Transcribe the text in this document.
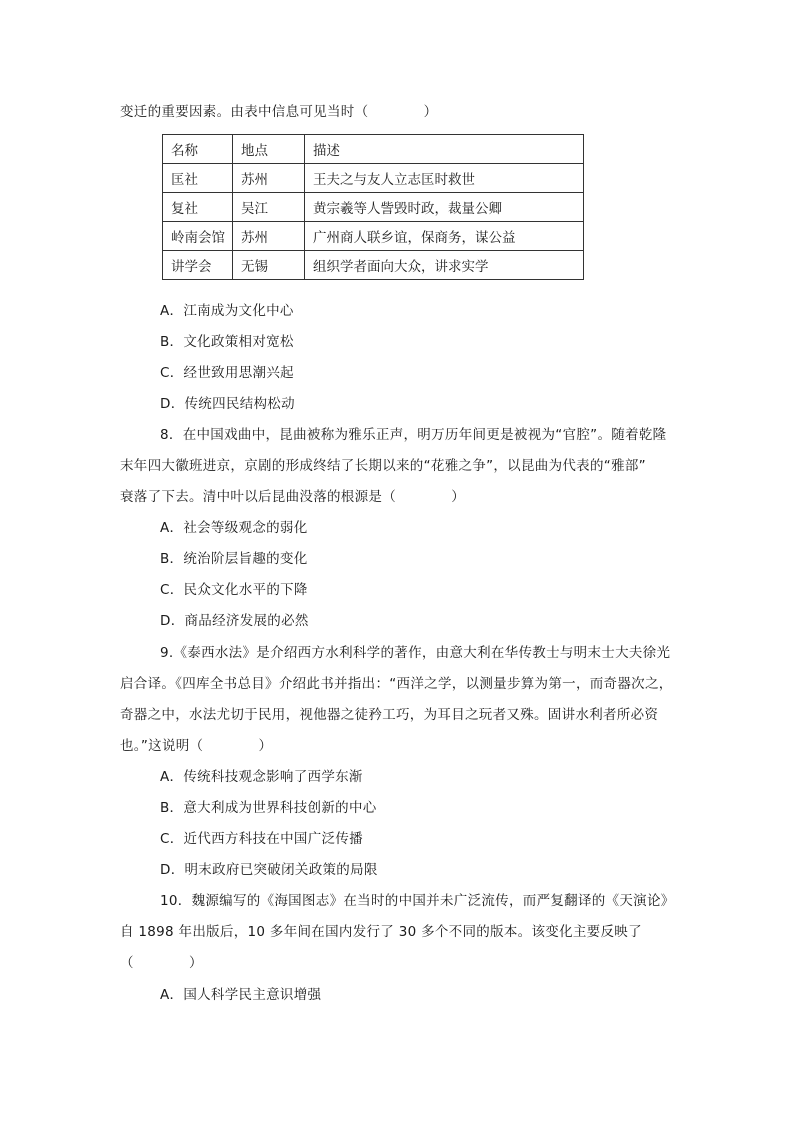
变迁的重要因素。由表中信息可见当时（　　　　）
名称	地点	描述
匡社	苏州	王夫之与友人立志匡时救世
复社	吴江	黄宗羲等人訾毁时政，裁量公卿
岭南会馆	苏州	广州商人联乡谊，保商务，谋公益
讲学会	无锡	组织学者面向大众，讲求实学
A．江南成为文化中心
B．文化政策相对宽松
C．经世致用思潮兴起
D．传统四民结构松动
8．在中国戏曲中，昆曲被称为雅乐正声，明万历年间更是被视为“官腔”。随着乾隆
末年四大徽班进京，京剧的形成终结了长期以来的“花雅之争”，以昆曲为代表的“雅部”
衰落了下去。清中叶以后昆曲没落的根源是（　　　　）
A．社会等级观念的弱化
B．统治阶层旨趣的变化
C．民众文化水平的下降
D．商品经济发展的必然
9.《泰西水法》是介绍西方水利科学的著作，由意大利在华传教士与明末士大夫徐光
启合译。《四库全书总目》介绍此书并指出：“西洋之学，以测量步算为第一，而奇器次之，
奇器之中，水法尤切于民用，视他器之徒矜工巧，为耳目之玩者又殊。固讲水利者所必资
也。”这说明（　　　　）
A．传统科技观念影响了西学东渐
B．意大利成为世界科技创新的中心
C．近代西方科技在中国广泛传播
D．明末政府已突破闭关政策的局限
10．魏源编写的《海国图志》在当时的中国并未广泛流传，而严复翻译的《天演论》
自 1898 年出版后，10 多年间在国内发行了 30 多个不同的版本。该变化主要反映了
（　　　　）
A．国人科学民主意识增强
